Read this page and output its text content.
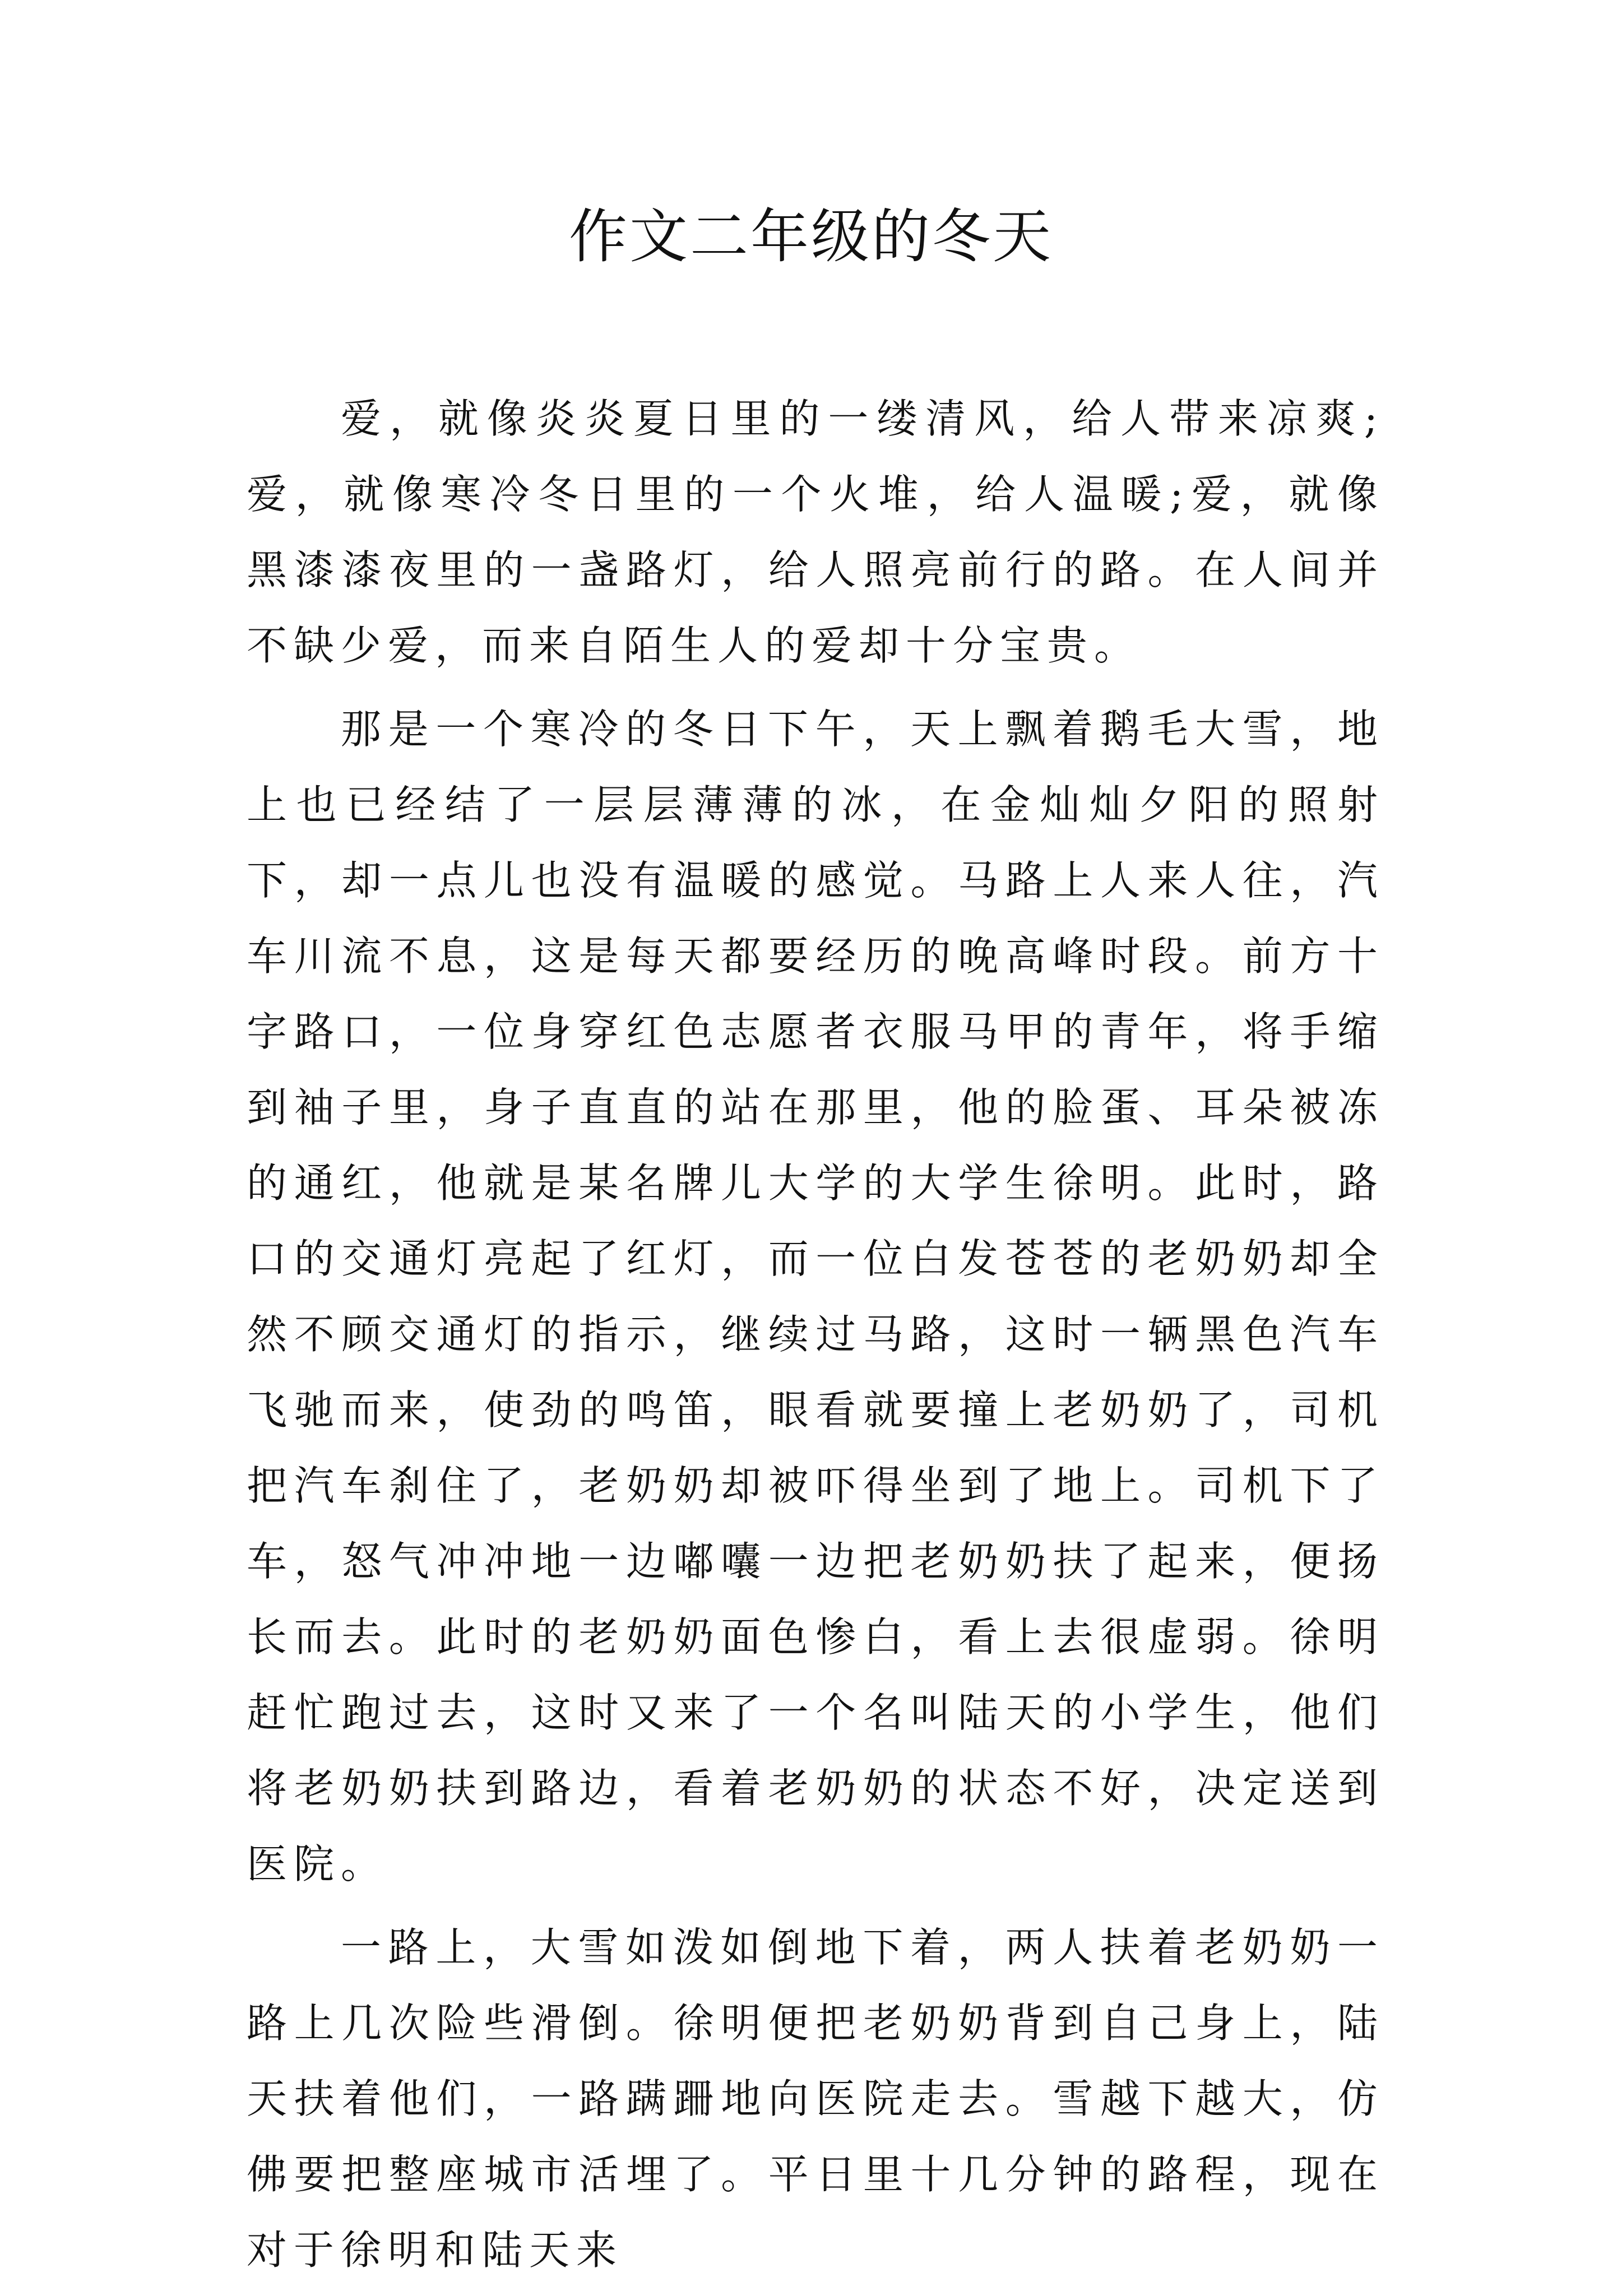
作文二年级的冬天

爱，就像炎炎夏日里的一缕清风，给人带来凉爽;爱，就像寒冷冬日里的一个火堆，给人温暖;爱，就像黑漆漆夜里的一盏路灯，给人照亮前行的路。在人间并不缺少爱，而来自陌生人的爱却十分宝贵。

那是一个寒冷的冬日下午，天上飘着鹅毛大雪，地上也已经结了一层层薄薄的冰，在金灿灿夕阳的照射下，却一点儿也没有温暖的感觉。马路上人来人往，汽车川流不息，这是每天都要经历的晚高峰时段。前方十字路口，一位身穿红色志愿者衣服马甲的青年，将手缩到袖子里，身子直直的站在那里，他的脸蛋、耳朵被冻的通红，他就是某名牌儿大学的大学生徐明。此时，路口的交通灯亮起了红灯，而一位白发苍苍的老奶奶却全然不顾交通灯的指示，继续过马路，这时一辆黑色汽车飞驰而来，使劲的鸣笛，眼看就要撞上老奶奶了，司机把汽车刹住了，老奶奶却被吓得坐到了地上。司机下了车，怒气冲冲地一边嘟囔一边把老奶奶扶了起来，便扬长而去。此时的老奶奶面色惨白，看上去很虚弱。徐明赶忙跑过去，这时又来了一个名叫陆天的小学生，他们将老奶奶扶到路边，看着老奶奶的状态不好，决定送到医院。

一路上，大雪如泼如倒地下着，两人扶着老奶奶一路上几次险些滑倒。徐明便把老奶奶背到自己身上，陆天扶着他们，一路蹒跚地向医院走去。雪越下越大，仿佛要把整座城市活埋了。平日里十几分钟的路程，现在对于徐明和陆天来
